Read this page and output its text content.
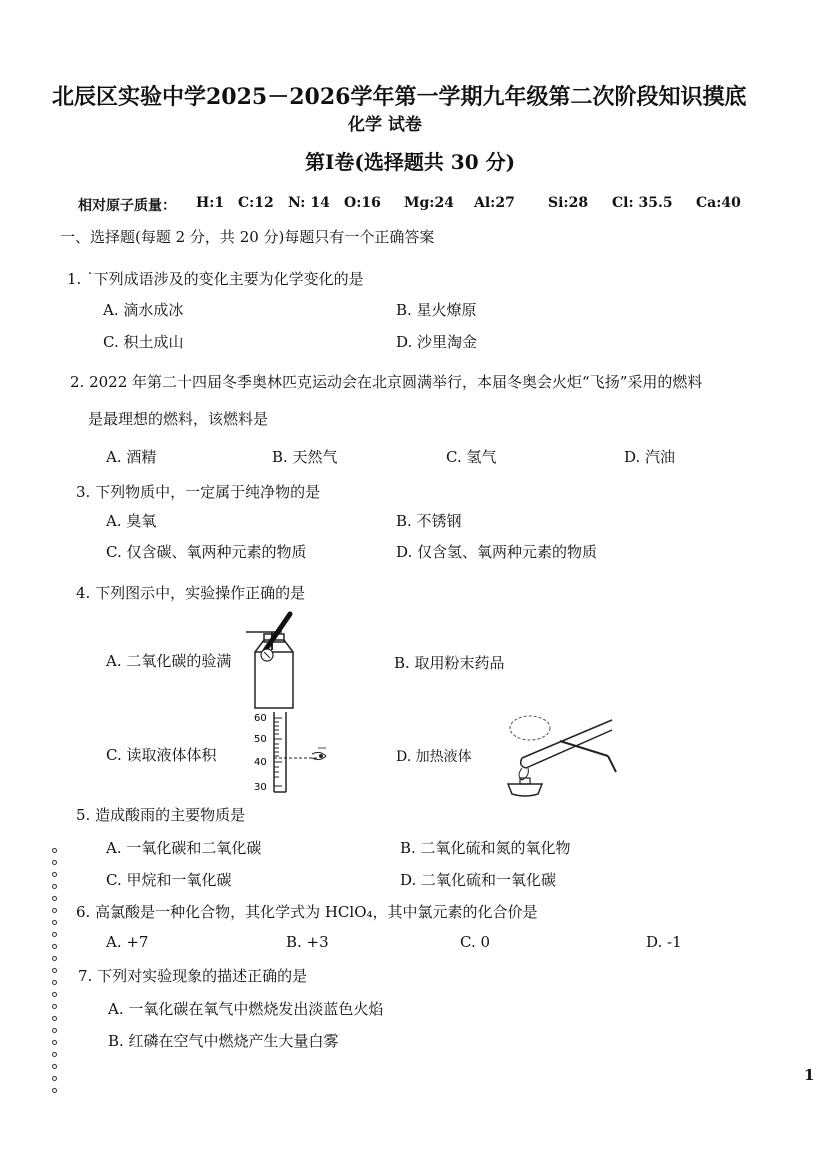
北辰区实验中学2025－2026学年第一学期九年级第二次阶段知识摸底
化学 试卷
第Ⅰ卷(选择题共 30 分)
相对原子质量： H:1 C:12 N: 14 O:16 Mg:24 Al:27 Si:28 Cl: 35.5 Ca:40
一、选择题(每题 2 分，共 20 分)每题只有一个正确答案
1. ˙下列成语涉及的变化主要为化学变化的是
A. 滴水成冰	B. 星火燎原
C. 积土成山	D. 沙里淘金
2. 2022 年第二十四届冬季奥林匹克运动会在北京圆满举行，本届冬奥会火炬“飞扬”采用的燃料
是最理想的燃料，该燃料是
A. 酒精	B. 天然气	C. 氢气	D. 汽油
3. 下列物质中，一定属于纯净物的是
A. 臭氧	B. 不锈钢
C. 仅含碳、氧两种元素的物质	D. 仅含氢、氧两种元素的物质
4. 下列图示中，实验操作正确的是
A. 二氧化碳的验满	B. 取用粉末药品
C. 读取液体体积	D. 加热液体
60
50
40
30
5. 造成酸雨的主要物质是
A. 一氧化碳和二氧化碳	B. 二氧化硫和氮的氧化物
C. 甲烷和一氧化碳	D. 二氧化硫和一氧化碳
6. 高氯酸是一种化合物，其化学式为 HClO₄，其中氯元素的化合价是
A. +7	B. +3	C. 0	D. -1
7. 下列对实验现象的描述正确的是
A. 一氧化碳在氧气中燃烧发出淡蓝色火焰
B. 红磷在空气中燃烧产生大量白雾
1
